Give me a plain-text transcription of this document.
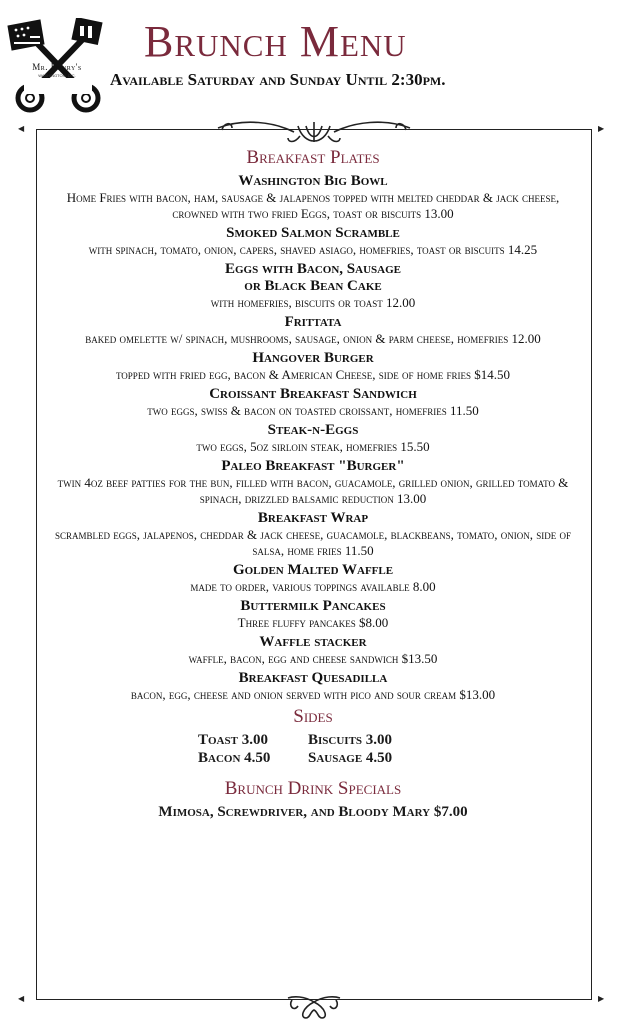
Mr. Henry's
WASHINGTON, D.C.
Brunch Menu
Available Saturday and Sunday Until 2:30pm.
◀	▶
◀	▶
Breakfast Plates
Washington Big Bowl
Home Fries with bacon, ham, sausage & jalapenos topped with melted cheddar & jack cheese, crowned with two fried Eggs, toast or biscuits 13.00
Smoked Salmon Scramble
with spinach, tomato, onion, capers, shaved asiago, homefries, toast or biscuits 14.25
Eggs with Bacon, Sausage
or Black Bean Cake
with homefries, biscuits or toast 12.00
Frittata
baked omelette w/ spinach, mushrooms, sausage, onion & parm cheese, homefries 12.00
Hangover Burger
topped with fried egg, bacon & American Cheese, side of home fries $14.50
Croissant Breakfast Sandwich
two eggs, swiss & bacon on toasted croissant, homefries 11.50
Steak-n-Eggs
two eggs, 5oz sirloin steak, homefries 15.50
Paleo Breakfast "Burger"
twin 4oz beef patties for the bun, filled with bacon, guacamole, grilled onion, grilled tomato & spinach, drizzled balsamic reduction 13.00
Breakfast Wrap
scrambled eggs, jalapenos, cheddar & jack cheese, guacamole, blackbeans, tomato, onion, side of salsa, home fries 11.50
Golden Malted Waffle
made to order, various toppings available 8.00
Buttermilk Pancakes
Three fluffy pancakes $8.00
Waffle stacker
waffle, bacon, egg and cheese sandwich $13.50
Breakfast Quesadilla
bacon, egg, cheese and onion served with pico and sour cream $13.00
Sides
Toast 3.00	Biscuits 3.00
Bacon 4.50	Sausage 4.50
Brunch Drink Specials
Mimosa, Screwdriver, and Bloody Mary $7.00
